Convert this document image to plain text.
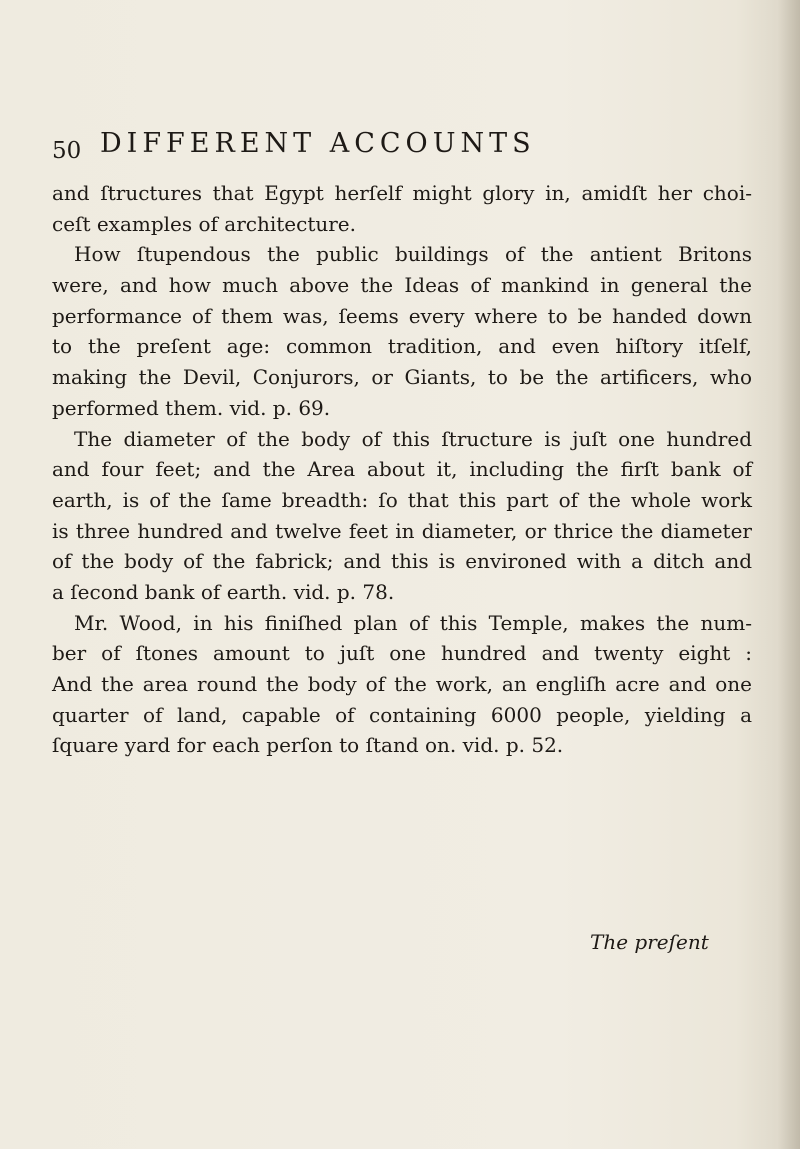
50 DIFFERENT ACCOUNTS
and ſtructures that Egypt herſelf might glory in, amidſt her choi-
ceſt examples of architecture.
How ſtupendous the public buildings of the antient Britons
were, and how much above the Ideas of mankind in general the
performance of them was, ſeems every where to be handed down
to the preſent age: common tradition, and even hiſtory itſelf,
making the Devil, Conjurors, or Giants, to be the artificers, who
performed them. vid. p. 69.
The diameter of the body of this ſtructure is juſt one hundred
and four feet; and the Area about it, including the firſt bank of
earth, is of the ſame breadth: ſo that this part of the whole work
is three hundred and twelve feet in diameter, or thrice the diameter
of the body of the fabrick; and this is environed with a ditch and
a ſecond bank of earth. vid. p. 78.
Mr. Wood, in his finiſhed plan of this Temple, makes the num-
ber of ſtones amount to juſt one hundred and twenty eight :
And the area round the body of the work, an engliſh acre and one
quarter of land, capable of containing 6000 people, yielding a
ſquare yard for each perſon to ſtand on. vid. p. 52.
The preſent
